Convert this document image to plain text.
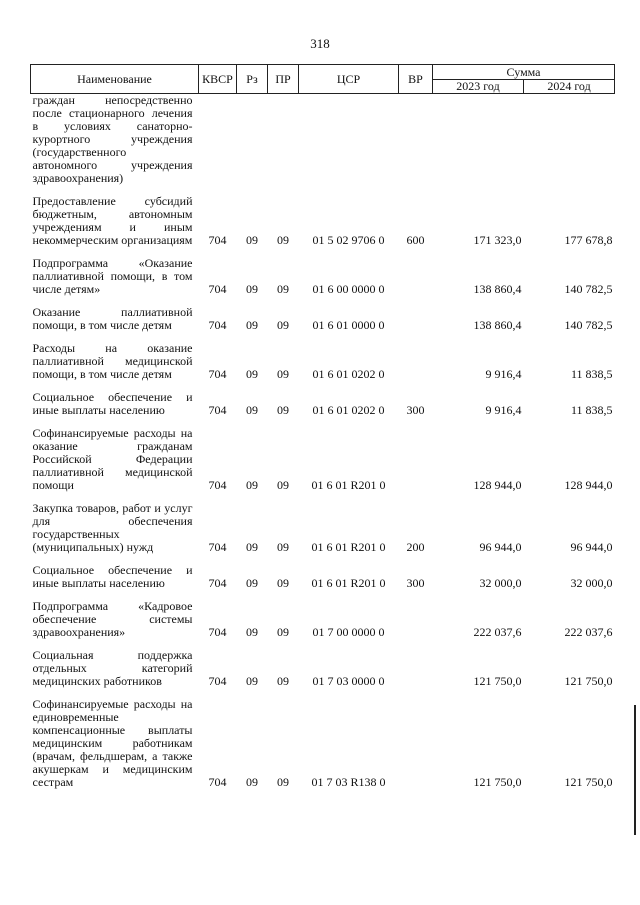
318
Наименование	КВСР	Рз	ПР	ЦСР	ВР	Сумма	
						2023 год	2024 год
граждан непосредственно после стационарного лечения в условиях санаторно-курортного учреждения (государственного автономного учреждения здравоохранения)							
Предоставление субсидий бюджетным, автономным учреждениям и иным некоммерческим организациям	704	09	09	01 5 02 9706 0	600	171 323,0	177 678,8
Подпрограмма «Оказание паллиативной помощи, в том числе детям»	704	09	09	01 6 00 0000 0		138 860,4	140 782,5
Оказание паллиативной помощи, в том числе детям	704	09	09	01 6 01 0000 0		138 860,4	140 782,5
Расходы на оказание паллиативной медицинской помощи, в том числе детям	704	09	09	01 6 01 0202 0		9 916,4	11 838,5
Социальное обеспечение и иные выплаты населению	704	09	09	01 6 01 0202 0	300	9 916,4	11 838,5
Софинансируемые расходы на оказание гражданам Российской Федерации паллиативной медицинской помощи	704	09	09	01 6 01 R201 0		128 944,0	128 944,0
Закупка товаров, работ и услуг для обеспечения государственных (муниципальных) нужд	704	09	09	01 6 01 R201 0	200	96 944,0	96 944,0
Социальное обеспечение и иные выплаты населению	704	09	09	01 6 01 R201 0	300	32 000,0	32 000,0
Подпрограмма «Кадровое обеспечение системы здравоохранения»	704	09	09	01 7 00 0000 0		222 037,6	222 037,6
Социальная поддержка отдельных категорий медицинских работников	704	09	09	01 7 03 0000 0		121 750,0	121 750,0
Софинансируемые расходы на единовременные компенсационные выплаты медицинским работникам (врачам, фельдшерам, а также акушеркам и медицинским сестрам	704	09	09	01 7 03 R138 0		121 750,0	121 750,0
